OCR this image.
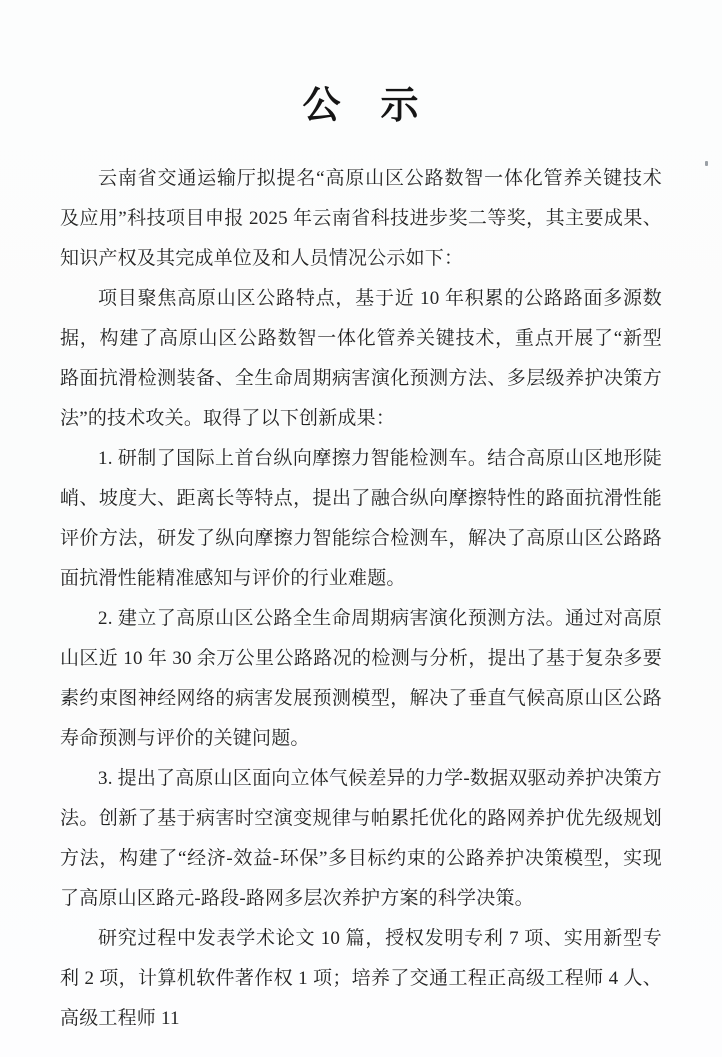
公　示

云南省交通运输厅拟提名“高原山区公路数智一体化管养关键技术及应用”科技项目申报 2025 年云南省科技进步奖二等奖，其主要成果、知识产权及其完成单位及和人员情况公示如下：

项目聚焦高原山区公路特点，基于近 10 年积累的公路路面多源数据，构建了高原山区公路数智一体化管养关键技术，重点开展了“新型路面抗滑检测装备、全生命周期病害演化预测方法、多层级养护决策方法”的技术攻关。取得了以下创新成果：

1. 研制了国际上首台纵向摩擦力智能检测车。结合高原山区地形陡峭、坡度大、距离长等特点，提出了融合纵向摩擦特性的路面抗滑性能评价方法，研发了纵向摩擦力智能综合检测车，解决了高原山区公路路面抗滑性能精准感知与评价的行业难题。

2. 建立了高原山区公路全生命周期病害演化预测方法。通过对高原山区近 10 年 30 余万公里公路路况的检测与分析，提出了基于复杂多要素约束图神经网络的病害发展预测模型，解决了垂直气候高原山区公路寿命预测与评价的关键问题。

3. 提出了高原山区面向立体气候差异的力学-数据双驱动养护决策方法。创新了基于病害时空演变规律与帕累托优化的路网养护优先级规划方法，构建了“经济-效益-环保”多目标约束的公路养护决策模型，实现了高原山区路元-路段-路网多层次养护方案的科学决策。

研究过程中发表学术论文 10 篇，授权发明专利 7 项、实用新型专利 2 项，计算机软件著作权 1 项；培养了交通工程正高级工程师 4 人、高级工程师 11
